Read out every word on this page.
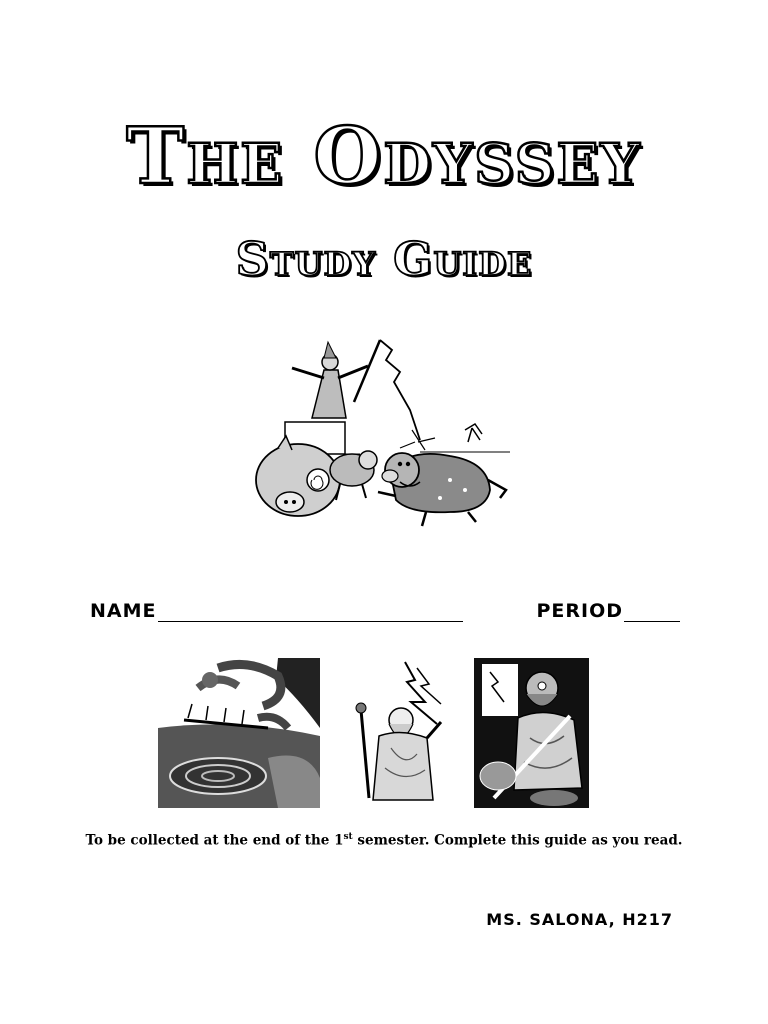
The Odyssey
Study Guide
NAME	PERIOD
To be collected at the end of the 1st semester. Complete this guide as you read.
MS. SALONA, H217
